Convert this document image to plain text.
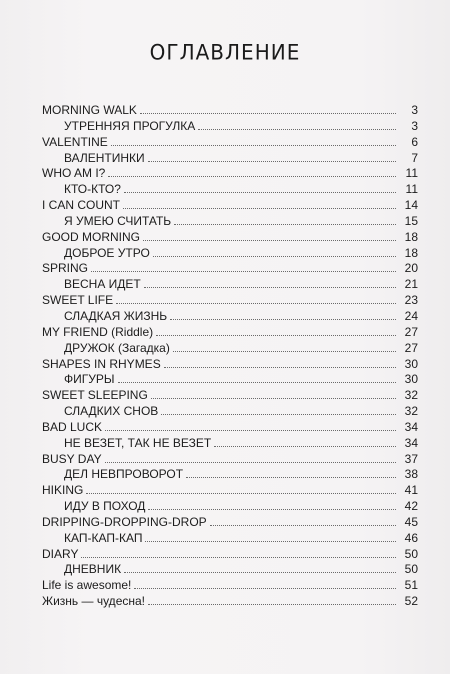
ОГЛАВЛЕНИЕ
MORNING WALK	3
УТРЕННЯЯ ПРОГУЛКА	3
VALENTINE	6
ВАЛЕНТИНКИ	7
WHO AM I?	11
КТО-КТО?	11
I CAN COUNT	14
Я УМЕЮ СЧИТАТЬ	15
GOOD MORNING	18
ДОБРОЕ УТРО	18
SPRING	20
ВЕСНА ИДЕТ	21
SWEET LIFE	23
СЛАДКАЯ ЖИЗНЬ	24
MY FRIEND (Riddle)	27
ДРУЖОК (Загадка)	27
SHAPES IN RHYMES	30
ФИГУРЫ	30
SWEET SLEEPING	32
СЛАДКИХ СНОВ	32
BAD LUCK	34
НЕ ВЕЗЕТ, ТАК НЕ ВЕЗЕТ	34
BUSY DAY	37
ДЕЛ НЕВПРОВОРОТ	38
HIKING	41
ИДУ В ПОХОД	42
DRIPPING-DROPPING-DROP	45
КАП-КАП-КАП	46
DIARY	50
ДНЕВНИК	50
Life is awesome!	51
Жизнь — чудесна!	52
